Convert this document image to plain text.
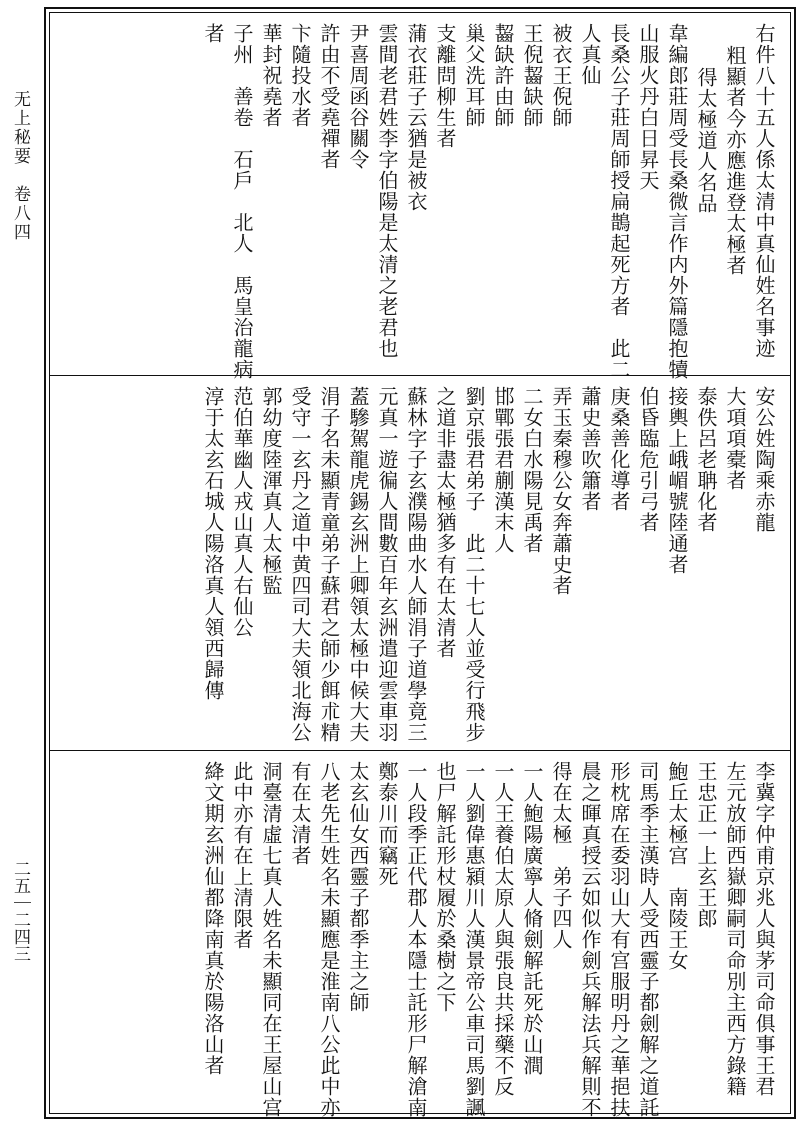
无上秘要　卷八四
二五｜二四三
右件八十五人係太清中真仙姓名事迹
粗顯者今亦應進登太極者
得太極道人名品
韋編郎莊周受長桑微言作内外篇隱抱犢
山服火丹白日昇天
長桑公子莊周師授扁鵲起死方者　此二
人真仙
被衣王倪師
王倪齧缺師
齧缺許由師
巢父洗耳師
支離問柳生者
蒲衣莊子云猶是被衣
雲間老君姓李字伯陽是太清之老君也
尹喜周函谷關令
許由不受堯禪者
卞隨投水者
華封祝堯者
子州　善卷　石戶　北人　馬皇治龍病
者
安公姓陶乘赤龍
大項項橐者
泰佚呂老聃化者
接輿上峨嵋號陸通者
伯昏臨危引弓者
庚桑善化導者
蕭史善吹簫者
弄玉秦穆公女奔蕭史者
二女白水陽見禹者
邯鄲張君蒯漢末人
劉京張君弟子　此二十七人並受行飛步
之道非盡太極猶多有在太清者
蘇林字子玄濮陽曲水人師涓子道學竟三
元真一遊徧人間數百年玄洲遣迎雲車羽
蓋驂駕龍虎錫玄洲上卿領太極中候大夫
涓子名未顯青童弟子蘇君之師少餌朮精
受守一玄丹之道中黄四司大夫領北海公
郭幼度陸渾真人太極監
范伯華幽人戎山真人右仙公
淳于太玄石城人陽洛真人領西歸傳
李冀字仲甫京兆人與茅司命俱事王君
左元放師西嶽卿嗣司命別主西方錄籍
王忠正一上玄王郎
鮑丘太極宫　南陵王女
司馬季主漢時人受西靈子都劍解之道託
形枕席在委羽山大有宫服明丹之華挹扶
晨之暉真授云如似作劍兵解法兵解則不
得在太極　弟子四人
一人鮑陽廣寧人脩劍解託死於山澗
一人王養伯太原人與張良共採藥不反
一人劉偉惠潁川人漢景帝公車司馬劉諷
也尸解託形杖履於桑樹之下
一人段季正代郡人本隱士託形尸解滄南
鄭泰川而竊死
太玄仙女西靈子都季主之師
八老先生姓名未顯應是淮南八公此中亦
有在太清者
洞臺清虛七真人姓名未顯同在王屋山宫
此中亦有在上清限者
絳文期玄洲仙都降南真於陽洛山者
